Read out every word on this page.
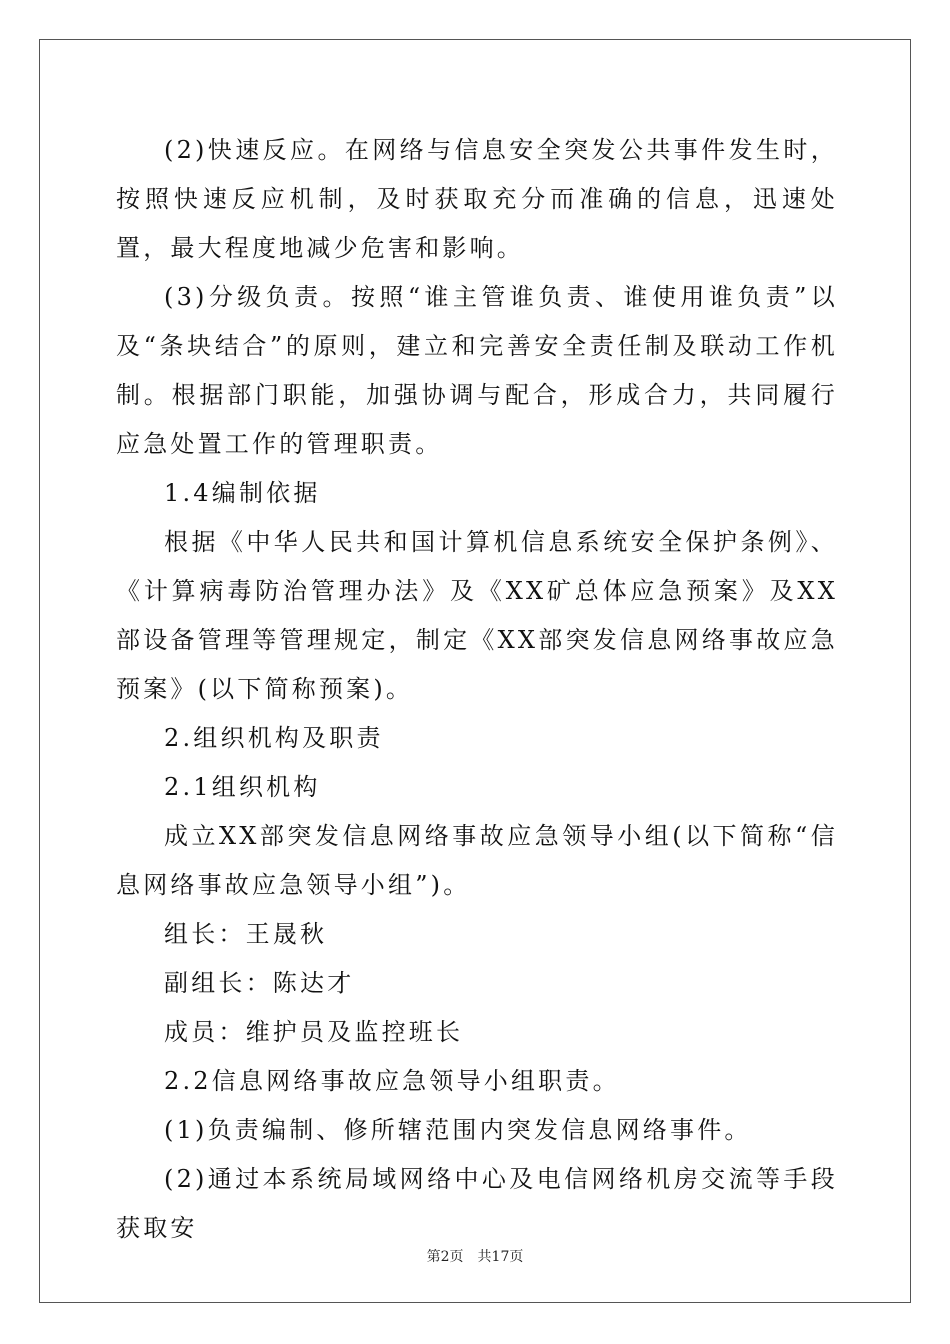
(2)快速反应。在网络与信息安全突发公共事件发生时，按照快速反应机制，及时获取充分而准确的信息，迅速处置，最大程度地减少危害和影响。

(3)分级负责。按照“谁主管谁负责、谁使用谁负责”以及“条块结合”的原则，建立和完善安全责任制及联动工作机制。根据部门职能，加强协调与配合，形成合力，共同履行应急处置工作的管理职责。

1.4编制依据

根据《中华人民共和国计算机信息系统安全保护条例》、《计算病毒防治管理办法》及《XX矿总体应急预案》及XX部设备管理等管理规定，制定《XX部突发信息网络事故应急预案》(以下简称预案)。

2.组织机构及职责

2.1组织机构

成立XX部突发信息网络事故应急领导小组(以下简称“信息网络事故应急领导小组”)。

组长：王晟秋

副组长：陈达才

成员：维护员及监控班长

2.2信息网络事故应急领导小组职责。

(1)负责编制、修所辖范围内突发信息网络事件。

(2)通过本系统局域网络中心及电信网络机房交流等手段获取安

第2页 共17页
